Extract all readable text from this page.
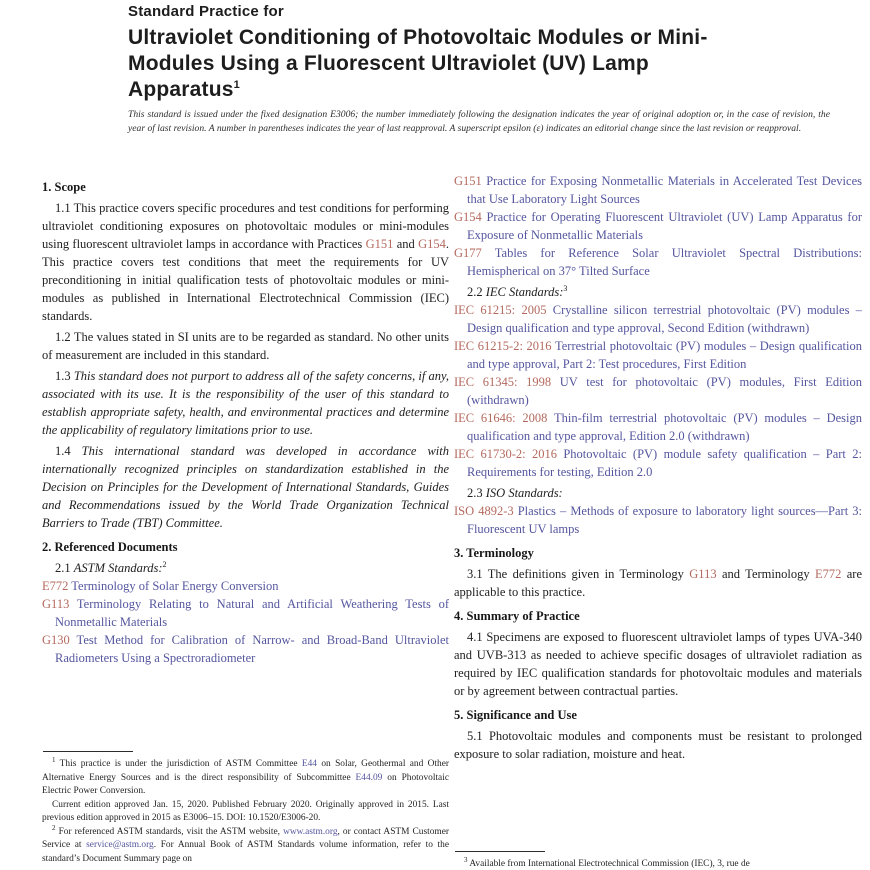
Standard Practice for
Ultraviolet Conditioning of Photovoltaic Modules or Mini-
Modules Using a Fluorescent Ultraviolet (UV) Lamp
Apparatus$^1$

This standard is issued under the fixed designation E3006; the number immediately following the designation indicates the year of original adoption or, in the case of revision, the year of last revision. A number in parentheses indicates the year of last reapproval. A superscript epsilon (ε) indicates an editorial change since the last revision or reapproval.

1. Scope

1.1 This practice covers specific procedures and test conditions for performing ultraviolet conditioning exposures on photovoltaic modules or mini-modules using fluorescent ultraviolet lamps in accordance with Practices G151 and G154. This practice covers test conditions that meet the requirements for UV preconditioning in initial qualification tests of photovoltaic modules or mini-modules as published in International Electrotechnical Commission (IEC) standards.

1.2 The values stated in SI units are to be regarded as standard. No other units of measurement are included in this standard.

1.3 This standard does not purport to address all of the safety concerns, if any, associated with its use. It is the responsibility of the user of this standard to establish appropriate safety, health, and environmental practices and determine the applicability of regulatory limitations prior to use.

1.4 This international standard was developed in accordance with internationally recognized principles on standardization established in the Decision on Principles for the Development of International Standards, Guides and Recommendations issued by the World Trade Organization Technical Barriers to Trade (TBT) Committee.

2. Referenced Documents

2.1 ASTM Standards:$^2$

E772 Terminology of Solar Energy Conversion

G113 Terminology Relating to Natural and Artificial Weathering Tests of Nonmetallic Materials

G130 Test Method for Calibration of Narrow- and Broad-Band Ultraviolet Radiometers Using a Spectroradiometer

G151 Practice for Exposing Nonmetallic Materials in Accelerated Test Devices that Use Laboratory Light Sources

G154 Practice for Operating Fluorescent Ultraviolet (UV) Lamp Apparatus for Exposure of Nonmetallic Materials

G177 Tables for Reference Solar Ultraviolet Spectral Distributions: Hemispherical on 37° Tilted Surface

2.2 IEC Standards:$^3$

IEC 61215: 2005 Crystalline silicon terrestrial photovoltaic (PV) modules – Design qualification and type approval, Second Edition (withdrawn)

IEC 61215-2: 2016 Terrestrial photovoltaic (PV) modules – Design qualification and type approval, Part 2: Test procedures, First Edition

IEC 61345: 1998 UV test for photovoltaic (PV) modules, First Edition (withdrawn)

IEC 61646: 2008 Thin-film terrestrial photovoltaic (PV) modules – Design qualification and type approval, Edition 2.0 (withdrawn)

IEC 61730-2: 2016 Photovoltaic (PV) module safety qualification – Part 2: Requirements for testing, Edition 2.0

2.3 ISO Standards:

ISO 4892-3 Plastics – Methods of exposure to laboratory light sources—Part 3: Fluorescent UV lamps

3. Terminology

3.1 The definitions given in Terminology G113 and Terminology E772 are applicable to this practice.

4. Summary of Practice

4.1 Specimens are exposed to fluorescent ultraviolet lamps of types UVA-340 and UVB-313 as needed to achieve specific dosages of ultraviolet radiation as required by IEC qualification standards for photovoltaic modules and materials or by agreement between contractual parties.

5. Significance and Use

5.1 Photovoltaic modules and components must be resistant to prolonged exposure to solar radiation, moisture and heat.

$^1$ This practice is under the jurisdiction of ASTM Committee E44 on Solar, Geothermal and Other Alternative Energy Sources and is the direct responsibility of Subcommittee E44.09 on Photovoltaic Electric Power Conversion.

Current edition approved Jan. 15, 2020. Published February 2020. Originally approved in 2015. Last previous edition approved in 2015 as E3006–15. DOI: 10.1520/E3006-20.

$^2$ For referenced ASTM standards, visit the ASTM website, www.astm.org, or contact ASTM Customer Service at service@astm.org. For Annual Book of ASTM Standards volume information, refer to the standard’s Document Summary page on	$^3$ Available from International Electrotechnical Commission (IEC), 3, rue de
